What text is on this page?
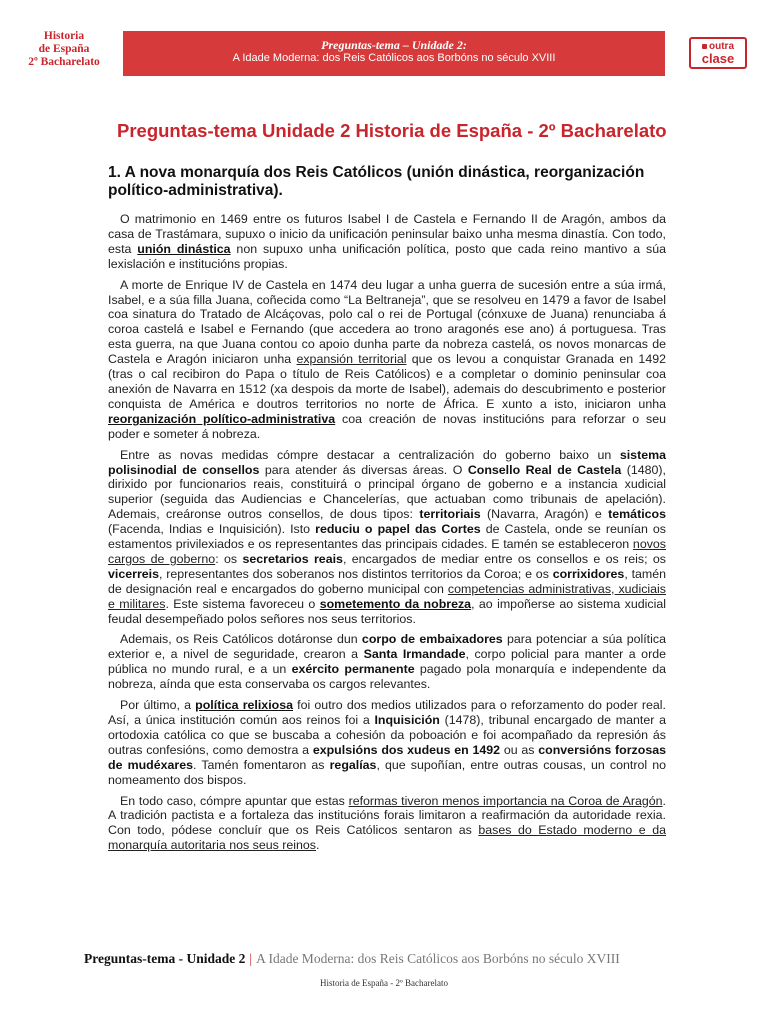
Historia
de España
2º Bacharelato
Preguntas-tema – Unidade 2:
A Idade Moderna: dos Reis Católicos aos Borbóns no século XVIII
outra
clase
Preguntas-tema Unidade 2 Historia de España - 2º Bacharelato
1. A nova monarquía dos Reis Católicos (unión dinástica, reorganización político-administrativa).

O matrimonio en 1469 entre os futuros Isabel I de Castela e Fernando II de Aragón, ambos da casa de Trastámara, supuxo o inicio da unificación peninsular baixo unha mesma dinastía. Con todo, esta unión dinástica non supuxo unha unificación política, posto que cada reino mantivo a súa lexislación e institucións propias.

A morte de Enrique IV de Castela en 1474 deu lugar a unha guerra de sucesión entre a súa irmá, Isabel, e a súa filla Juana, coñecida como “La Beltraneja”, que se resolveu en 1479 a favor de Isabel coa sinatura do Tratado de Alcáçovas, polo cal o rei de Portugal (cónxuxe de Juana) renunciaba á coroa castelá e Isabel e Fernando (que accedera ao trono aragonés ese ano) á portuguesa. Tras esta guerra, na que Juana contou co apoio dunha parte da nobreza castelá, os novos monarcas de Castela e Aragón iniciaron unha expansión territorial que os levou a conquistar Granada en 1492 (tras o cal recibiron do Papa o título de Reis Católicos) e a completar o dominio peninsular coa anexión de Navarra en 1512 (xa despois da morte de Isabel), ademais do descubrimento e posterior conquista de América e doutros territorios no norte de África. E xunto a isto, iniciaron unha reorganización político-administrativa coa creación de novas institucións para reforzar o seu poder e someter á nobreza.

Entre as novas medidas cómpre destacar a centralización do goberno baixo un sistema polisinodial de consellos para atender ás diversas áreas. O Consello Real de Castela (1480), dirixido por funcionarios reais, constituirá o principal órgano de goberno e a instancia xudicial superior (seguida das Audiencias e Chancelerías, que actuaban como tribunais de apelación). Ademais, creáronse outros consellos, de dous tipos: territoriais (Navarra, Aragón) e temáticos (Facenda, Indias e Inquisición). Isto reduciu o papel das Cortes de Castela, onde se reunían os estamentos privilexiados e os representantes das principais cidades. E tamén se estableceron novos cargos de goberno: os secretarios reais, encargados de mediar entre os consellos e os reis; os vicerreis, representantes dos soberanos nos distintos territorios da Coroa; e os corrixidores, tamén de designación real e encargados do goberno municipal con competencias administrativas, xudiciais e militares. Este sistema favoreceu o sometemento da nobreza, ao impoñerse ao sistema xudicial feudal desempeñado polos señores nos seus territorios.

Ademais, os Reis Católicos dotáronse dun corpo de embaixadores para potenciar a súa política exterior e, a nivel de seguridade, crearon a Santa Irmandade, corpo policial para manter a orde pública no mundo rural, e a un exército permanente pagado pola monarquía e independente da nobreza, aínda que esta conservaba os cargos relevantes.

Por último, a política relixiosa foi outro dos medios utilizados para o reforzamento do poder real. Así, a única institución común aos reinos foi a Inquisición (1478), tribunal encargado de manter a ortodoxia católica co que se buscaba a cohesión da poboación e foi acompañado da represión ás outras confesións, como demostra a expulsións dos xudeus en 1492 ou as conversións forzosas de mudéxares. Tamén fomentaron as regalías, que supoñían, entre outras cousas, un control no nomeamento dos bispos.

En todo caso, cómpre apuntar que estas reformas tiveron menos importancia na Coroa de Aragón. A tradición pactista e a fortaleza das institucións forais limitaron a reafirmación da autoridade rexia. Con todo, pódese concluír que os Reis Católicos sentaron as bases do Estado moderno e da monarquía autoritaria nos seus reinos.

Preguntas-tema - Unidade 2 | A Idade Moderna: dos Reis Católicos aos Borbóns no século XVIII
Historia de España - 2º Bacharelato
